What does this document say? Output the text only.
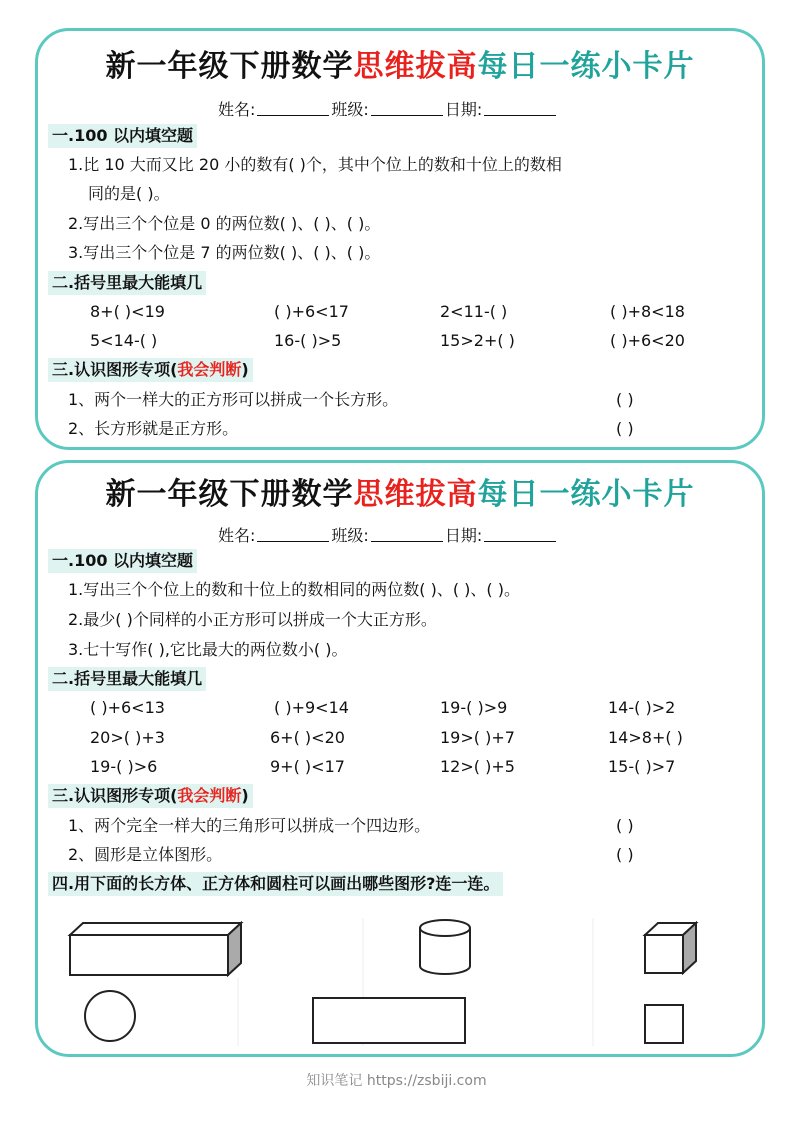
新一年级下册数学思维拔高每日一练小卡片
姓名:	班级:	日期:
一.100 以内填空题
1.比 10 大而又比 20 小的数有( )个，其中个位上的数和十位上的数相
同的是( )。
2.写出三个个位是 0 的两位数( )、( )、( )。
3.写出三个个位是 7 的两位数( )、( )、( )。
二.括号里最大能填几
8+( )<19	( )+6<17	2<11-( )	( )+8<18
5<14-( )	16-( )>5	15>2+( )	( )+6<20
三.认识图形专项(我会判断)
1、两个一样大的正方形可以拼成一个长方形。	( )
2、长方形就是正方形。	( )
新一年级下册数学思维拔高每日一练小卡片
姓名:	班级:	日期:
一.100 以内填空题
1.写出三个个位上的数和十位上的数相同的两位数( )、( )、( )。
2.最少( )个同样的小正方形可以拼成一个大正方形。
3.七十写作( ),它比最大的两位数小( )。
二.括号里最大能填几
( )+6<13	( )+9<14	19-( )>9	14-( )>2
20>( )+3	6+( )<20	19>( )+7	14>8+( )
19-( )>6	9+( )<17	12>( )+5	15-( )>7
三.认识图形专项(我会判断)
1、两个完全一样大的三角形可以拼成一个四边形。	( )
2、圆形是立体图形。	( )
四.用下面的长方体、正方体和圆柱可以画出哪些图形?连一连。
知识笔记 https://zsbiji.com
